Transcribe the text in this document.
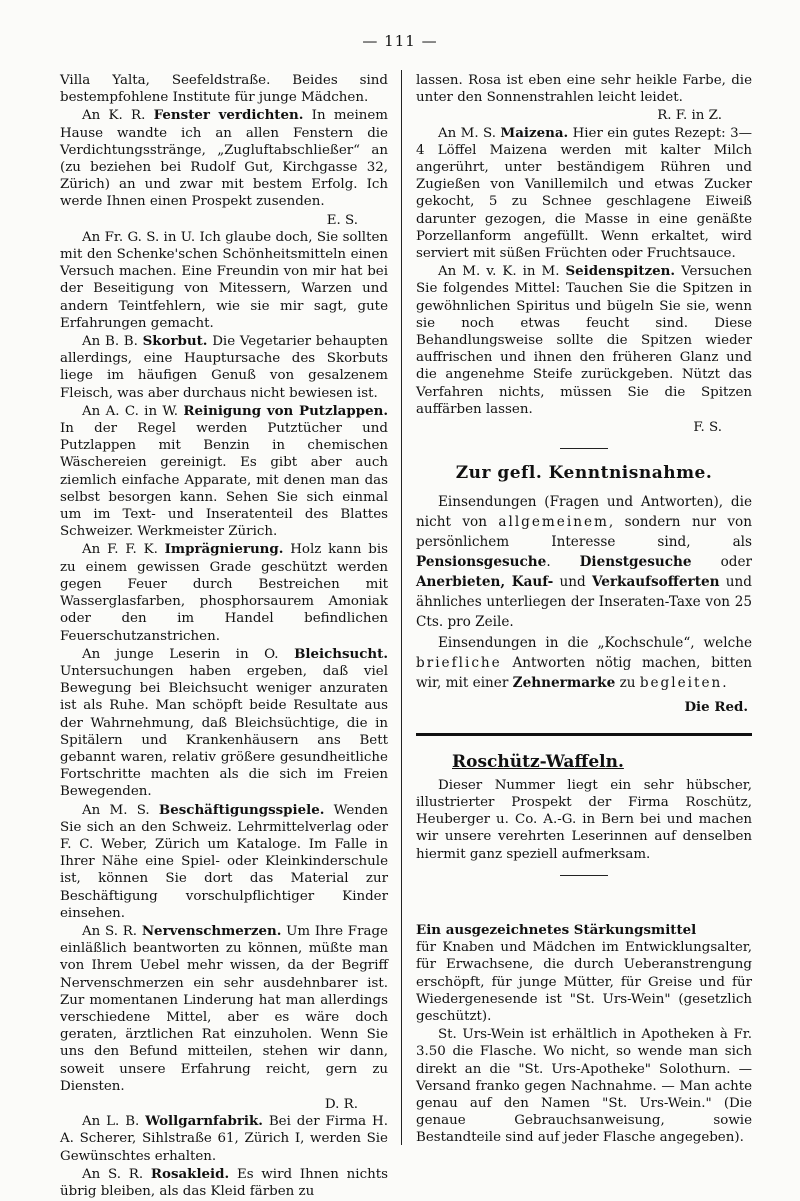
— 111 —

Villa Yalta, Seefeldstraße. Beides sind bestempfohlene Institute für junge Mädchen.

An K. R. Fenster verdichten. In meinem Hause wandte ich an allen Fenstern die Verdichtungsstränge, „Zugluftabschließer“ an (zu beziehen bei Rudolf Gut, Kirchgasse 32, Zürich) an und zwar mit bestem Erfolg. Ich werde Ihnen einen Prospekt zusenden.

E. S.

An Fr. G. S. in U. Ich glaube doch, Sie sollten mit den Schenke'schen Schönheitsmitteln einen Versuch machen. Eine Freundin von mir hat bei der Beseitigung von Mitessern, Warzen und andern Teintfehlern, wie sie mir sagt, gute Erfahrungen gemacht.

An B. B. Skorbut. Die Vegetarier behaupten allerdings, eine Hauptursache des Skorbuts liege im häufigen Genuß von gesalzenem Fleisch, was aber durchaus nicht bewiesen ist.

An A. C. in W. Reinigung von Putzlappen. In der Regel werden Putztücher und Putzlappen mit Benzin in chemischen Wäschereien gereinigt. Es gibt aber auch ziemlich einfache Apparate, mit denen man das selbst besorgen kann. Sehen Sie sich einmal um im Text- und Inseratenteil des Blattes Schweizer. Werkmeister Zürich.

An F. F. K. Imprägnierung. Holz kann bis zu einem gewissen Grade geschützt werden gegen Feuer durch Bestreichen mit Wasserglasfarben, phosphorsaurem Amoniak oder den im Handel befindlichen Feuerschutzanstrichen.

An junge Leserin in O. Bleichsucht. Untersuchungen haben ergeben, daß viel Bewegung bei Bleichsucht weniger anzuraten ist als Ruhe. Man schöpft beide Resultate aus der Wahrnehmung, daß Bleichsüchtige, die in Spitälern und Krankenhäusern ans Bett gebannt waren, relativ größere gesundheitliche Fortschritte machten als die sich im Freien Bewegenden.

An M. S. Beschäftigungsspiele. Wenden Sie sich an den Schweiz. Lehrmittelverlag oder F. C. Weber, Zürich um Kataloge. Im Falle in Ihrer Nähe eine Spiel- oder Kleinkinderschule ist, können Sie dort das Material zur Beschäftigung vorschulpflichtiger Kinder einsehen.

An S. R. Nervenschmerzen. Um Ihre Frage einläßlich beantworten zu können, müßte man von Ihrem Uebel mehr wissen, da der Begriff Nervenschmerzen ein sehr ausdehnbarer ist. Zur momentanen Linderung hat man allerdings verschiedene Mittel, aber es wäre doch geraten, ärztlichen Rat einzuholen. Wenn Sie uns den Befund mitteilen, stehen wir dann, soweit unsere Erfahrung reicht, gern zu Diensten.

D. R.

An L. B. Wollgarnfabrik. Bei der Firma H. A. Scherer, Sihlstraße 61, Zürich I, werden Sie Gewünschtes erhalten.

An S. R. Rosakleid. Es wird Ihnen nichts übrig bleiben, als das Kleid färben zu

lassen. Rosa ist eben eine sehr heikle Farbe, die unter den Sonnenstrahlen leicht leidet.

R. F. in Z.

An M. S. Maizena. Hier ein gutes Rezept: 3—4 Löffel Maizena werden mit kalter Milch angerührt, unter beständigem Rühren und Zugießen von Vanillemilch und etwas Zucker gekocht, 5 zu Schnee geschlagene Eiweiß darunter gezogen, die Masse in eine genäßte Porzellanform angefüllt. Wenn erkaltet, wird serviert mit süßen Früchten oder Fruchtsauce.

An M. v. K. in M. Seidenspitzen. Versuchen Sie folgendes Mittel: Tauchen Sie die Spitzen in gewöhnlichen Spiritus und bügeln Sie sie, wenn sie noch etwas feucht sind. Diese Behandlungsweise sollte die Spitzen wieder auffrischen und ihnen den früheren Glanz und die angenehme Steife zurückgeben. Nützt das Verfahren nichts, müssen Sie die Spitzen auffärben lassen.

F. S.
Zur gefl. Kenntnisnahme.

Einsendungen (Fragen und Antworten), die nicht von allgemeinem, sondern nur von persönlichem Interesse sind, als Pensionsgesuche. Dienstgesuche oder Anerbieten, Kauf- und Verkaufsofferten und ähnliches unterliegen der Inseraten-Taxe von 25 Cts. pro Zeile.

Einsendungen in die „Kochschule“, welche briefliche Antworten nötig machen, bitten wir, mit einer Zehnermarke zu begleiten.

Die Red.
Roschütz-Waffeln.

Dieser Nummer liegt ein sehr hübscher, illustrierter Prospekt der Firma Roschütz, Heuberger u. Co. A.-G. in Bern bei und machen wir unsere verehrten Leserinnen auf denselben hiermit ganz speziell aufmerksam.

Ein ausgezeichnetes Stärkungsmittel

für Knaben und Mädchen im Entwicklungsalter, für Erwachsene, die durch Ueberanstrengung erschöpft, für junge Mütter, für Greise und für Wiedergenesende ist "St. Urs-Wein" (gesetzlich geschützt).

St. Urs-Wein ist erhältlich in Apotheken à Fr. 3.50 die Flasche. Wo nicht, so wende man sich direkt an die "St. Urs-Apotheke" Solothurn. — Versand franko gegen Nachnahme. — Man achte genau auf den Namen "St. Urs-Wein." (Die genaue Gebrauchsanweisung, sowie Bestandteile sind auf jeder Flasche angegeben).
